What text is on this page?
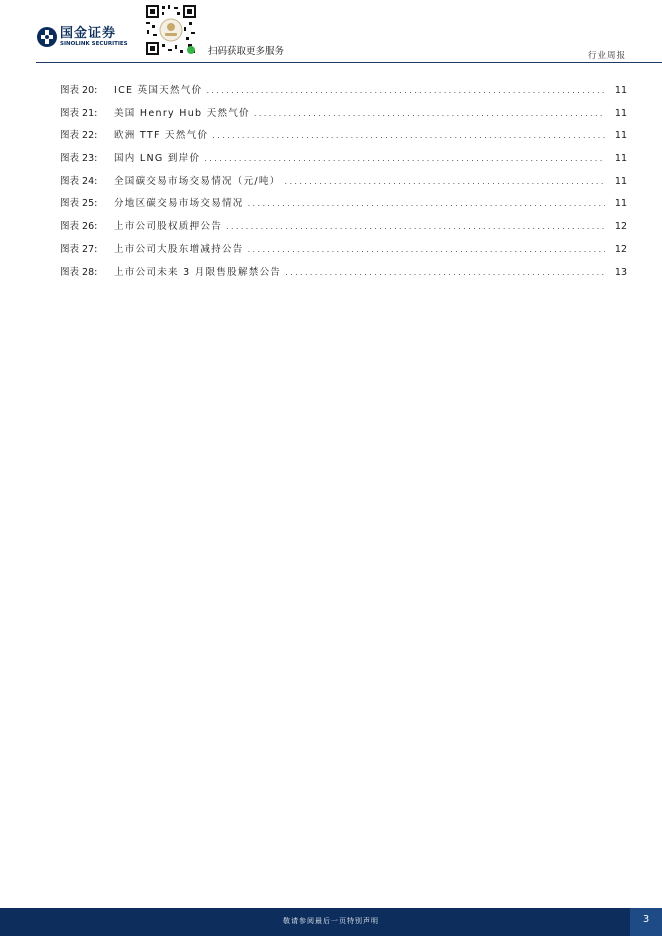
国金证券
SINOLINK SECURITIES
扫码获取更多服务	行业周报
图表 20:	ICE 英国天然气价 .....	11
图表 21:	美国 Henry Hub 天然气价 .....	11
图表 22:	欧洲 TTF 天然气价 .....	11
图表 23:	国内 LNG 到岸价 .....	11
图表 24:	全国碳交易市场交易情况（元/吨） .....	11
图表 25:	分地区碳交易市场交易情况 .....	11
图表 26:	上市公司股权质押公告 .....	12
图表 27:	上市公司大股东增减持公告 .....	12
图表 28:	上市公司未来 3 月限售股解禁公告 .....	13
敬请参阅最后一页特别声明	3
